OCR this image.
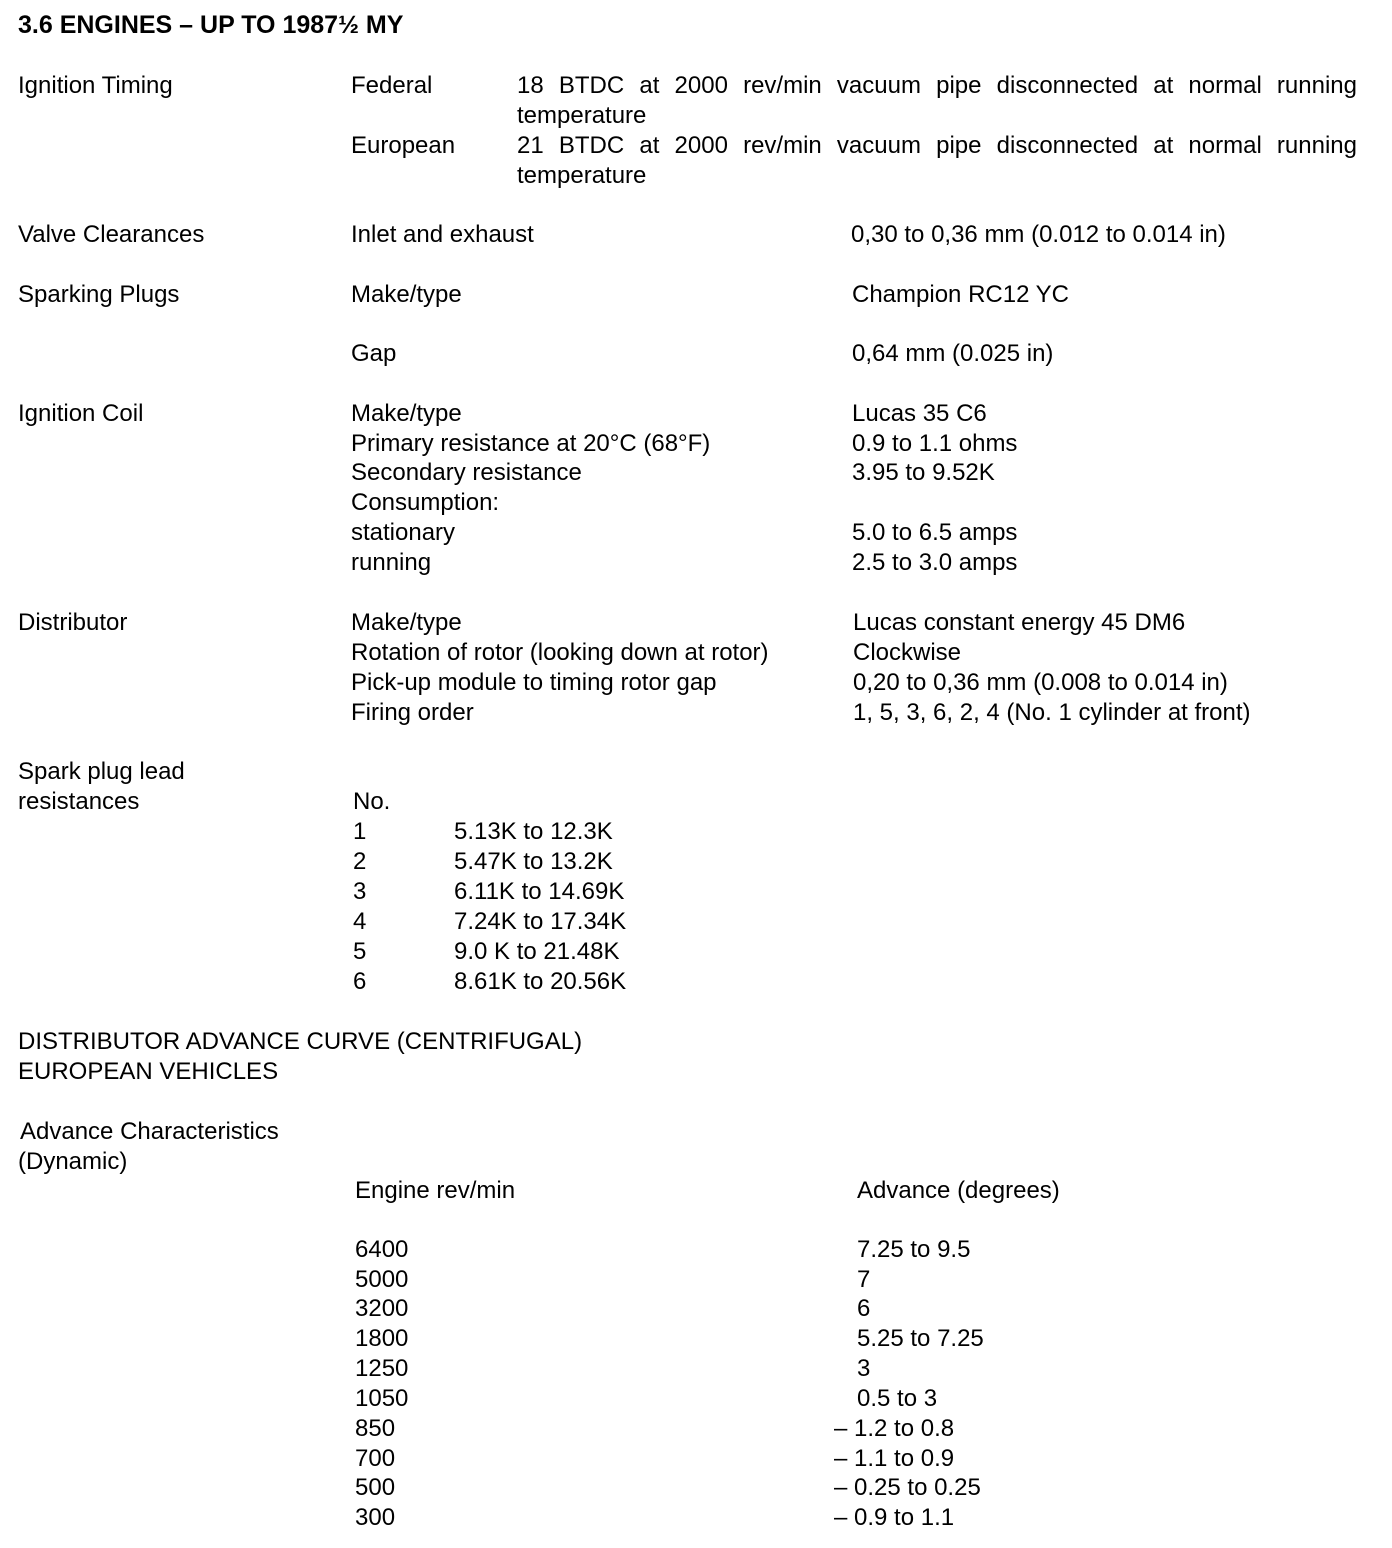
3.6 ENGINES – UP TO 1987½ MY
Ignition Timing	Federal	18 BTDC at 2000 rev/min vacuum pipe disconnected at normal running temperature
European	21 BTDC at 2000 rev/min vacuum pipe disconnected at normal running temperature
Valve Clearances	Inlet and exhaust	0,30 to 0,36 mm (0.012 to 0.014 in)
Sparking Plugs	Make/type	Champion RC12 YC
Gap	0,64 mm (0.025 in)
Ignition Coil	Make/type	Lucas 35 C6
Primary resistance at 20°C (68°F)	0.9 to 1.1 ohms
Secondary resistance	3.95 to 9.52K
Consumption:
stationary	5.0 to 6.5 amps
running	2.5 to 3.0 amps
Distributor	Make/type	Lucas constant energy 45 DM6
Rotation of rotor (looking down at rotor)	Clockwise
Pick-up module to timing rotor gap	0,20 to 0,36 mm (0.008 to 0.014 in)
Firing order	1, 5, 3, 6, 2, 4 (No. 1 cylinder at front)
Spark plug lead
resistances	No.
1	5.13K to 12.3K
2	5.47K to 13.2K
3	6.11K to 14.69K
4	7.24K to 17.34K
5	9.0 K to 21.48K
6	8.61K to 20.56K
DISTRIBUTOR ADVANCE CURVE (CENTRIFUGAL)
EUROPEAN VEHICLES
Advance Characteristics
(Dynamic)
Engine rev/min	Advance (degrees)
6400	7.25 to 9.5
5000	7
3200	6
1800	5.25 to 7.25
1250	3
1050	0.5 to 3
850	– 1.2 to 0.8
700	– 1.1 to 0.9
500	– 0.25 to 0.25
300	– 0.9 to 1.1
